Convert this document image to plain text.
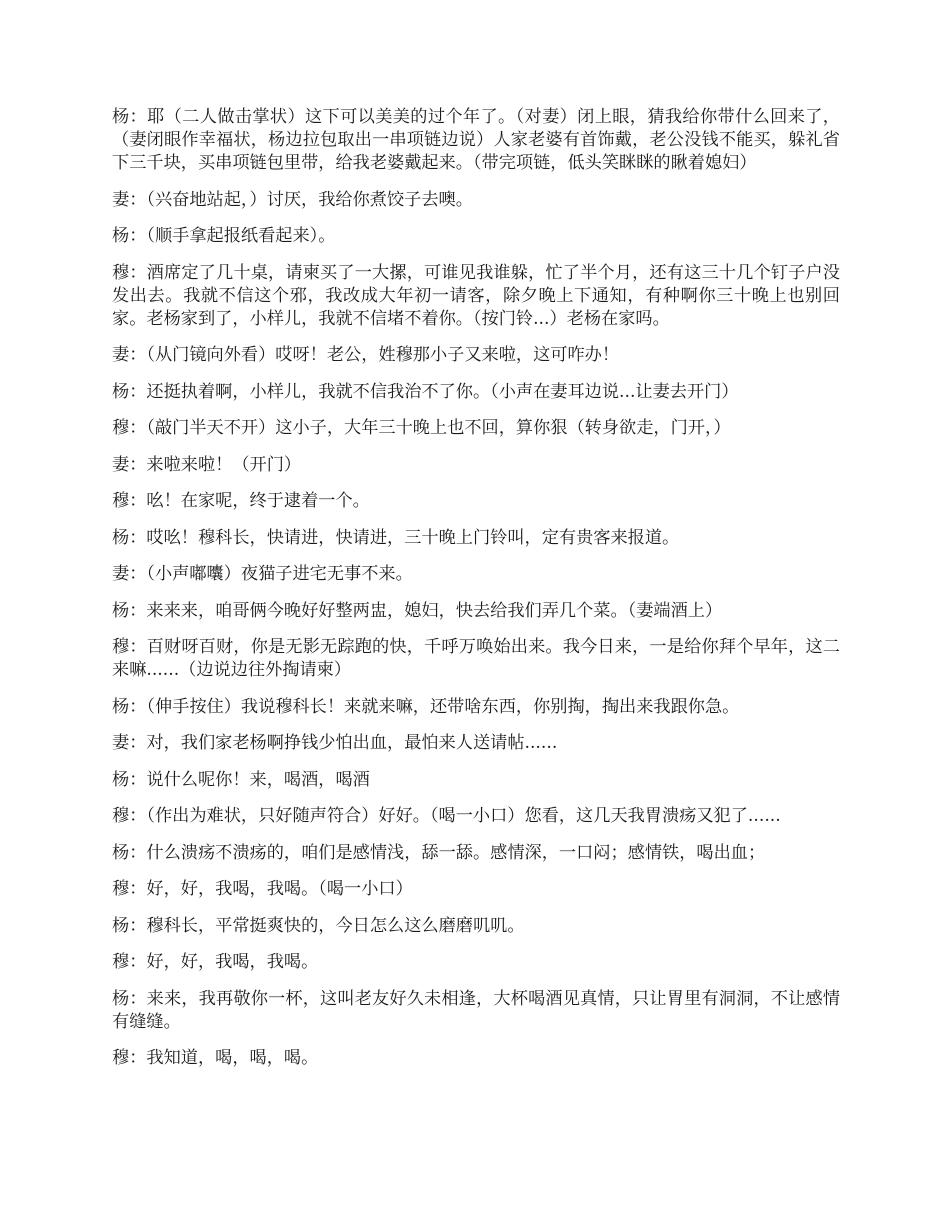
杨：耶（二人做击掌状）这下可以美美的过个年了。（对妻）闭上眼，猜我给你带什么回来了，（妻闭眼作幸福状，杨边拉包取出一串项链边说）人家老婆有首饰戴，老公没钱不能买，躲礼省下三千块，买串项链包里带，给我老婆戴起来。（带完项链，低头笑眯眯的瞅着媳妇）

妻：（兴奋地站起，）讨厌，我给你煮饺子去噢。

杨：（顺手拿起报纸看起来）。

穆：酒席定了几十桌，请柬买了一大摞，可谁见我谁躲，忙了半个月，还有这三十几个钉子户没发出去。我就不信这个邪，我改成大年初一请客，除夕晚上下通知，有种啊你三十晚上也别回家。老杨家到了，小样儿，我就不信堵不着你。（按门铃...）老杨在家吗。

妻：（从门镜向外看）哎呀！老公，姓穆那小子又来啦，这可咋办！

杨：还挺执着啊，小样儿，我就不信我治不了你。（小声在妻耳边说...让妻去开门）

穆：（敲门半天不开）这小子，大年三十晚上也不回，算你狠（转身欲走，门开，）

妻：来啦来啦！（开门）

穆：吆！在家呢，终于逮着一个。

杨：哎吆！穆科长，快请进，快请进，三十晚上门铃叫，定有贵客来报道。

妻：（小声嘟囔）夜猫子进宅无事不来。

杨：来来来，咱哥俩今晚好好整两盅，媳妇，快去给我们弄几个菜。（妻端酒上）

穆：百财呀百财，你是无影无踪跑的快，千呼万唤始出来。我今日来，一是给你拜个早年，这二来嘛......（边说边往外掏请柬）

杨：（伸手按住）我说穆科长！来就来嘛，还带啥东西，你别掏，掏出来我跟你急。

妻：对，我们家老杨啊挣钱少怕出血，最怕来人送请帖......

杨：说什么呢你！来，喝酒，喝酒

穆：（作出为难状，只好随声符合）好好。（喝一小口）您看，这几天我胃溃疡又犯了......

杨：什么溃疡不溃疡的，咱们是感情浅，舔一舔。感情深，一口闷；感情铁，喝出血；

穆：好，好，我喝，我喝。（喝一小口）

杨：穆科长，平常挺爽快的，今日怎么这么磨磨叽叽。

穆：好，好，我喝，我喝。

杨：来来，我再敬你一杯，这叫老友好久未相逢，大杯喝酒见真情，只让胃里有洞洞，不让感情有缝缝。

穆：我知道，喝，喝，喝。
